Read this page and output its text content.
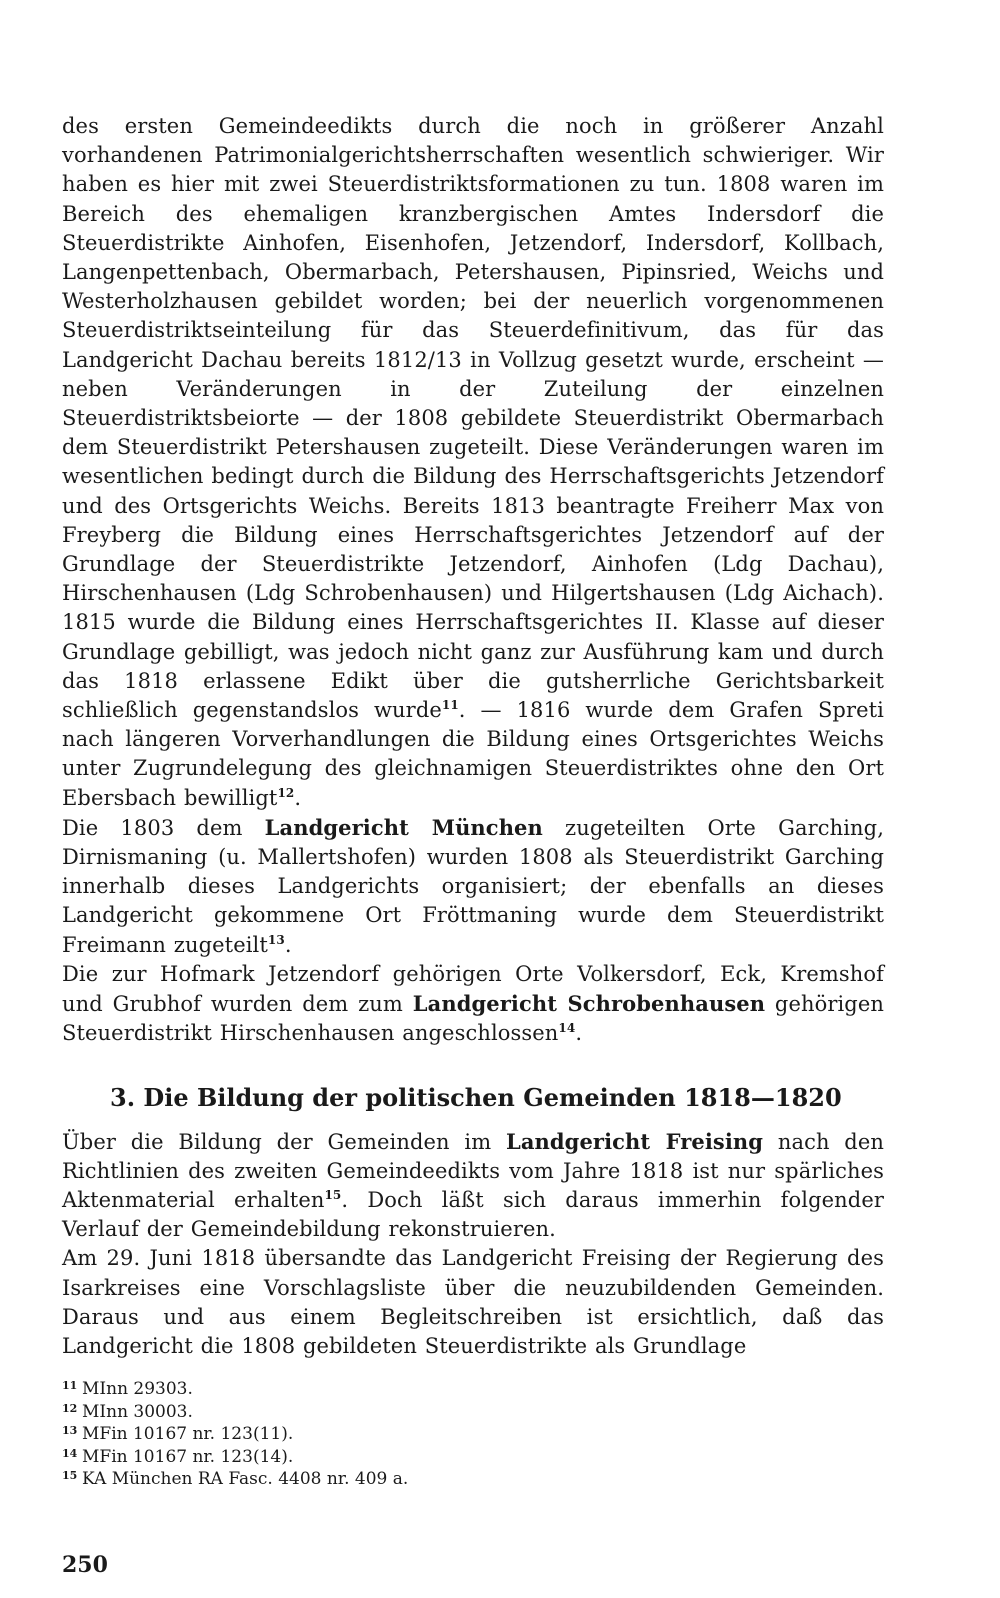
des ersten Gemeindeedikts durch die noch in größerer Anzahl vorhandenen Patrimonialgerichtsherrschaften wesentlich schwieriger. Wir haben es hier mit zwei Steuerdistriktsformationen zu tun. 1808 waren im Bereich des ehemaligen kranzbergischen Amtes Indersdorf die Steuerdistrikte Ainhofen, Eisenhofen, Jetzendorf, Indersdorf, Kollbach, Langenpettenbach, Obermarbach, Petershausen, Pipinsried, Weichs und Westerholzhausen gebildet worden; bei der neuerlich vorgenommenen Steuerdistriktseinteilung für das Steuerdefinitivum, das für das Landgericht Dachau bereits 1812/13 in Vollzug gesetzt wurde, erscheint — neben Veränderungen in der Zuteilung der einzelnen Steuerdistriktsbeiorte — der 1808 gebildete Steuerdistrikt Obermarbach dem Steuerdistrikt Petershausen zugeteilt. Diese Veränderungen waren im wesentlichen bedingt durch die Bildung des Herrschaftsgerichts Jetzendorf und des Ortsgerichts Weichs. Bereits 1813 beantragte Freiherr Max von Freyberg die Bildung eines Herrschaftsgerichtes Jetzendorf auf der Grundlage der Steuerdistrikte Jetzendorf, Ainhofen (Ldg Dachau), Hirschenhausen (Ldg Schrobenhausen) und Hilgertshausen (Ldg Aichach). 1815 wurde die Bildung eines Herrschaftsgerichtes II. Klasse auf dieser Grundlage gebilligt, was jedoch nicht ganz zur Ausführung kam und durch das 1818 erlassene Edikt über die gutsherrliche Gerichtsbarkeit schließlich gegenstandslos wurde$^{11}$. — 1816 wurde dem Grafen Spreti nach längeren Vorverhandlungen die Bildung eines Ortsgerichtes Weichs unter Zugrundelegung des gleichnamigen Steuerdistriktes ohne den Ort Ebersbach bewilligt$^{12}$.

Die 1803 dem Landgericht München zugeteilten Orte Garching, Dirnismaning (u. Mallertshofen) wurden 1808 als Steuerdistrikt Garching innerhalb dieses Landgerichts organisiert; der ebenfalls an dieses Landgericht gekommene Ort Fröttmaning wurde dem Steuerdistrikt Freimann zugeteilt$^{13}$.

Die zur Hofmark Jetzendorf gehörigen Orte Volkersdorf, Eck, Kremshof und Grubhof wurden dem zum Landgericht Schrobenhausen gehörigen Steuerdistrikt Hirschenhausen angeschlossen$^{14}$.

3. Die Bildung der politischen Gemeinden 1818—1820

Über die Bildung der Gemeinden im Landgericht Freising nach den Richtlinien des zweiten Gemeindeedikts vom Jahre 1818 ist nur spärliches Aktenmaterial erhalten$^{15}$. Doch läßt sich daraus immerhin folgender Verlauf der Gemeindebildung rekonstruieren.

Am 29. Juni 1818 übersandte das Landgericht Freising der Regierung des Isarkreises eine Vorschlagsliste über die neuzubildenden Gemeinden. Daraus und aus einem Begleitschreiben ist ersichtlich, daß das Landgericht die 1808 gebildeten Steuerdistrikte als Grundlage

11 MInn 29303.
12 MInn 30003.
13 MFin 10167 nr. 123(11).
14 MFin 10167 nr. 123(14).
15 KA München RA Fasc. 4408 nr. 409 a.
250
